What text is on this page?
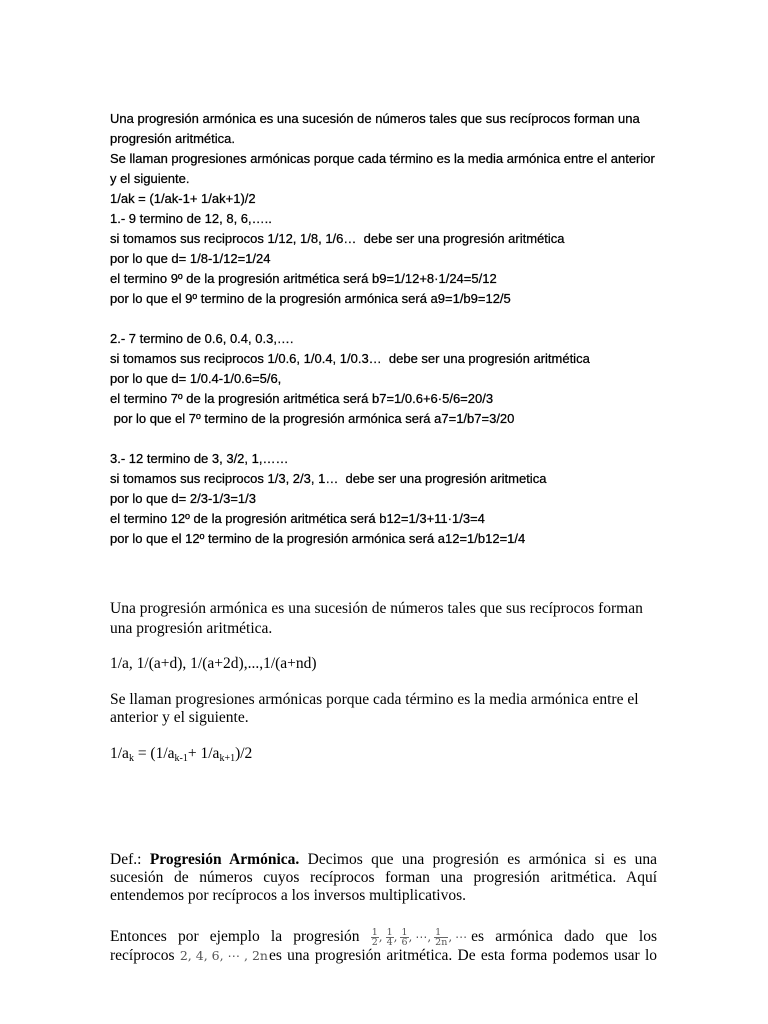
Una progresión armónica es una sucesión de números tales que sus recíprocos forman una
progresión aritmética.
Se llaman progresiones armónicas porque cada término es la media armónica entre el anterior
y el siguiente.
1/ak = (1/ak-1+ 1/ak+1)/2
1.- 9 termino de 12, 8, 6,…..
si tomamos sus reciprocos 1/12, 1/8, 1/6…  debe ser una progresión aritmética
por lo que d= 1/8-1/12=1/24
el termino 9º de la progresión aritmética será b9=1/12+8·1/24=5/12
por lo que el 9º termino de la progresión armónica será a9=1/b9=12/5
2.- 7 termino de 0.6, 0.4, 0.3,….
si tomamos sus reciprocos 1/0.6, 1/0.4, 1/0.3…  debe ser una progresión aritmética
por lo que d= 1/0.4-1/0.6=5/6,
el termino 7º de la progresión aritmética será b7=1/0.6+6·5/6=20/3
por lo que el 7º termino de la progresión armónica será a7=1/b7=3/20
3.- 12 termino de 3, 3/2, 1,……
si tomamos sus reciprocos 1/3, 2/3, 1…  debe ser una progresión aritmetica
por lo que d= 2/3-1/3=1/3
el termino 12º de la progresión aritmética será b12=1/3+11·1/3=4
por lo que el 12º termino de la progresión armónica será a12=1/b12=1/4
Una progresión armónica es una sucesión de números tales que sus recíprocos forman
una progresión aritmética.
1/a, 1/(a+d), 1/(a+2d),...,1/(a+nd)
Se llaman progresiones armónicas porque cada término es la media armónica entre el
anterior y el siguiente.
$1/a_k = (1/a_{k-1}+ 1/a_{k+1})/2$
Def.: Progresión Armónica. Decimos que una progresión es armónica si es una
sucesión de números cuyos recíprocos forman una progresión aritmética. Aquí
entendemos por recíprocos a los inversos multiplicativos.
Entonces por ejemplo la progresión $\frac{1}{2}$ , $\frac{1}{4}$ , $\frac{1}{6}$ , ⋯, $\frac{1}{2n}$ , ⋯ es armónica dado que los
recíprocos 2, 4, 6, ⋯ , 2nes una progresión aritmética. De esta forma podemos usar lo
